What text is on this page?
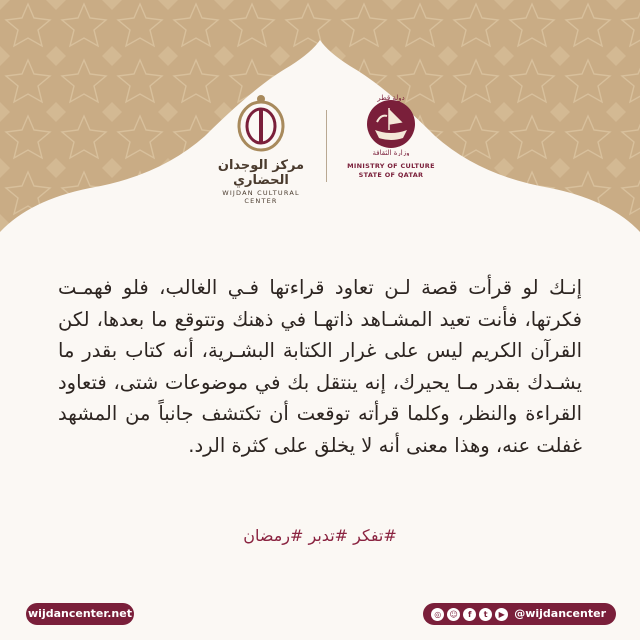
مركز الوجدان الحضاري
WIJDAN CULTURAL CENTER
دولة قطر
وزارة الثقافة
MINISTRY OF CULTURE
STATE OF QATAR
إنـك لو قرأت قصة لـن تعاود قراءتها فـي الغالب، فلو فهمـت فكرتها، فأنت تعيد المشـاهد ذاتهـا في ذهنك وتتوقع ما بعدها، لكن القرآن الكريم ليس على غرار الكتابة البشـرية، أنه كتاب بقدر ما يشـدك بقدر مـا يحيرك، إنه ينتقل بك في موضوعات شتى، فتعاود القراءة والنظر، وكلما قرأته توقعت أن تكتشف جانباً من المشهد غفلت عنه، وهذا معنى أنه لا يخلق على كثرة الرد.
#تفكر #تدبر #رمضان
wijdancenter.net	◎	☺	f	t	▶ @wijdancenter
